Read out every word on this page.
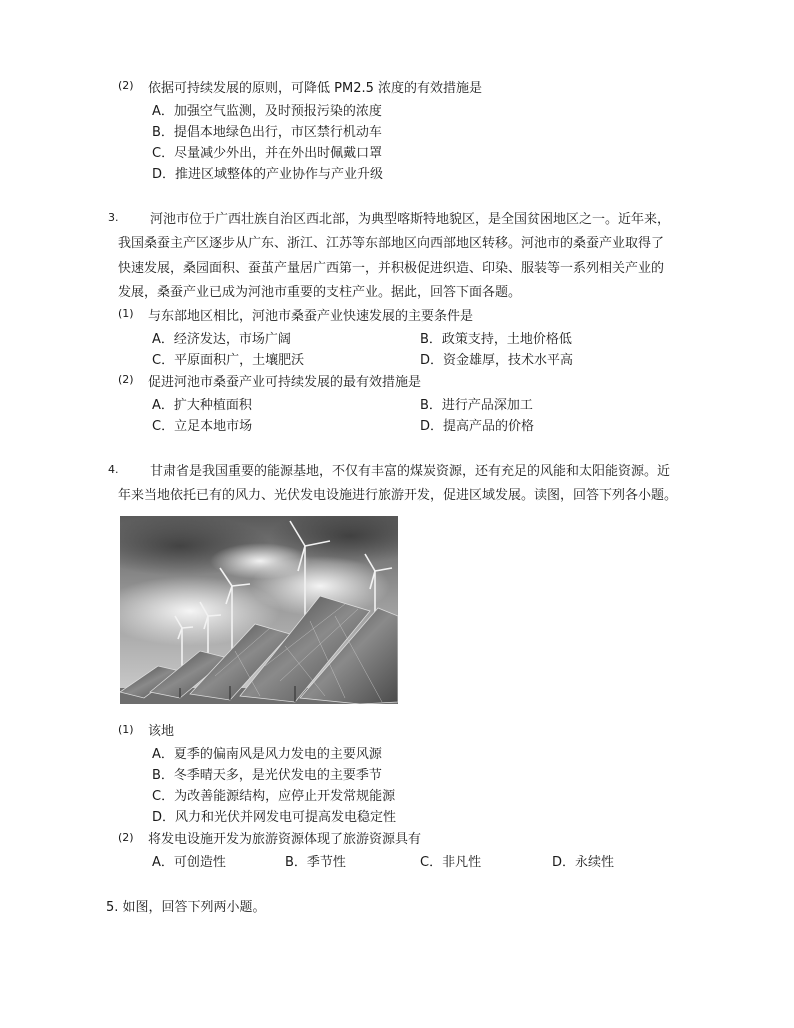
(2) 依据可持续发展的原则，可降低 PM2.5 浓度的有效措施是
A．加强空气监测，及时预报污染的浓度
B．提倡本地绿色出行，市区禁行机动车
C．尽量减少外出，并在外出时佩戴口罩
D．推进区域整体的产业协作与产业升级
3. 河池市位于广西壮族自治区西北部，为典型喀斯特地貌区，是全国贫困地区之一。近年来，
我国桑蚕主产区逐步从广东、浙江、江苏等东部地区向西部地区转移。河池市的桑蚕产业取得了
快速发展，桑园面积、蚕茧产量居广西第一，并积极促进织造、印染、服装等一系列相关产业的
发展，桑蚕产业已成为河池市重要的支柱产业。据此，回答下面各题。
(1) 与东部地区相比，河池市桑蚕产业快速发展的主要条件是
A．经济发达，市场广阔	B．政策支持，土地价格低
C．平原面积广，土壤肥沃	D．资金雄厚，技术水平高
(2) 促进河池市桑蚕产业可持续发展的最有效措施是
A．扩大种植面积	B．进行产品深加工
C．立足本地市场	D．提高产品的价格
4. 甘肃省是我国重要的能源基地，不仅有丰富的煤炭资源，还有充足的风能和太阳能资源。近
年来当地依托已有的风力、光伏发电设施进行旅游开发，促进区域发展。读图，回答下列各小题。
(1) 该地
A．夏季的偏南风是风力发电的主要风源
B．冬季晴天多，是光伏发电的主要季节
C．为改善能源结构，应停止开发常规能源
D．风力和光伏并网发电可提高发电稳定性
(2) 将发电设施开发为旅游资源体现了旅游资源具有
A．可创造性	B．季节性	C．非凡性	D．永续性
5. 如图，回答下列两小题。
